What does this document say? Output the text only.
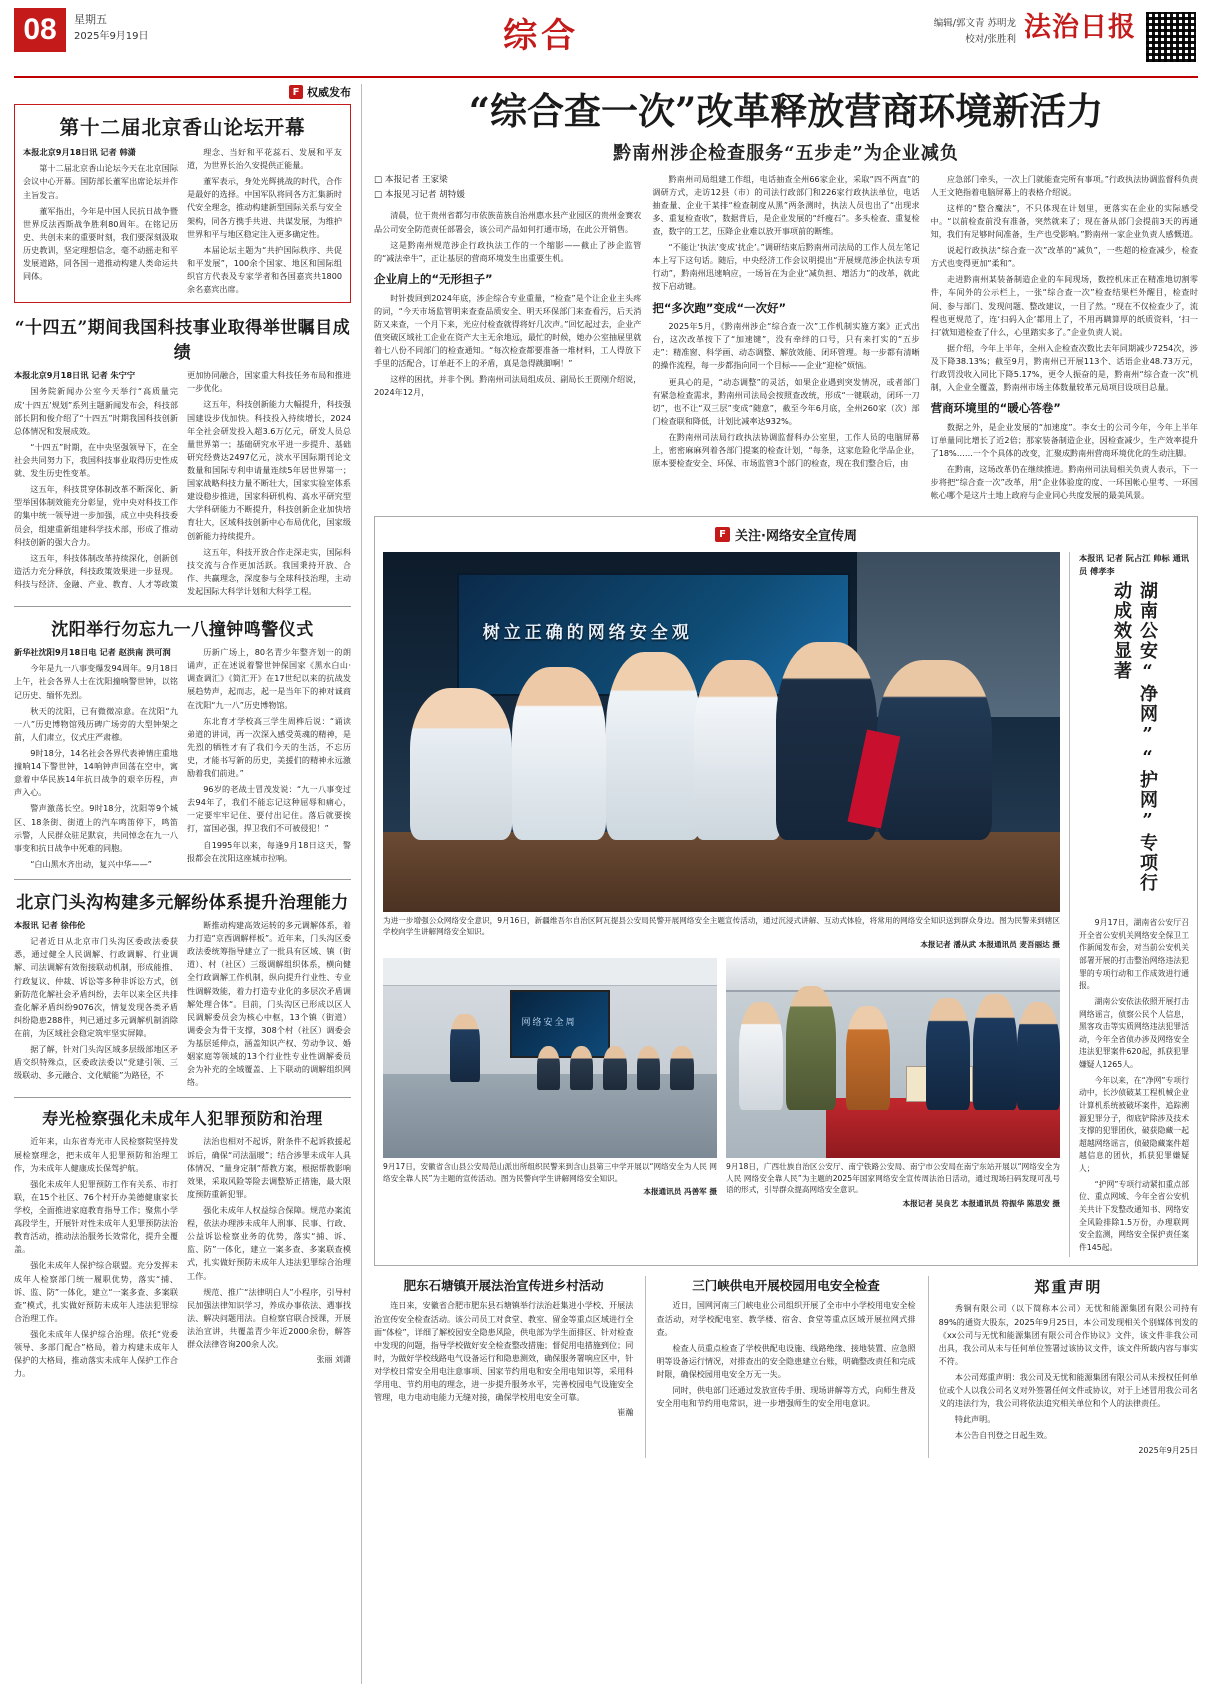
08	星期五
2025年9月19日	综合	编辑/郭文青 苏明龙
校对/张胜利 法治日报
F 权威发布
第十二届北京香山论坛开幕
本报北京9月18日讯 记者 韩潇

第十二届北京香山论坛今天在北京国际会议中心开幕。国防部长董军出席论坛并作主旨发言。

董军指出，今年是中国人民抗日战争暨世界反法西斯战争胜利80周年。在铭记历史、共创未来的重要时刻，我们要深刻汲取历史教训，坚定理想信念，毫不动摇走和平发展道路，同各国一道推动构建人类命运共同体。

理念、当好和平花蕊石、发展和平友道，为世界长治久安提供正能量。

董军表示，身处光辉挑战的时代，合作是最好的选择。中国军队将同各方汇集新时代安全理念，推动构建新型国际关系与安全架构，同各方携手共进、共谋发展，为维护世界和平与地区稳定注入更多确定性。

本届论坛主题为“共护国际秩序、共促和平发展”，100余个国家、地区和国际组织官方代表及专家学者和各国嘉宾共1800余名嘉宾出席。

“十四五”期间我国科技事业取得举世瞩目成绩
本报北京9月18日讯 记者 朱宁宁

国务院新闻办公室今天举行“高质量完成‘十四五’规划”系列主题新闻发布会，科技部部长阴和俊介绍了“十四五”时期我国科技创新总体情况和发展成效。

“十四五”时期，在中央坚强领导下，在全社会共同努力下，我国科技事业取得历史性成就、发生历史性变革。

这五年，科技贯穿体制改革不断深化、新型举国体制效能充分彰显，党中央对科技工作的集中统一领导进一步加强，成立中央科技委员会，组建重新组建科学技术部，形成了推动科技创新的强大合力。

这五年，科技体制改革持续深化，创新创造活力充分释放，科技政策效果进一步显现。科技与经济、金融、产业、教育、人才等政策更加协同融合，国家重大科技任务布局和推进一步优化。

这五年，科技创新能力大幅提升，科技强国建设步伐加快。科技投入持续增长，2024年全社会研发投入超3.6万亿元，研发人员总量世界第一；基础研究水平进一步提升、基础研究经费达2497亿元，淡水平国际期刊论文数量和国际专利申请量连续5年居世界第一；国家战略科技力量不断壮大，国家实验室体系建设稳步推进，国家科研机构、高水平研究型大学科研能力不断提升，科技创新企业加快培育壮大，区域科技创新中心布局优化，国家级创新能力持续提升。

这五年，科技开放合作走深走实，国际科技交流与合作更加活跃。我国秉持开放、合作、共赢理念，深度参与全球科技治理，主动发起国际大科学计划和大科学工程。

沈阳举行勿忘九一八撞钟鸣警仪式
新华社沈阳9月18日电 记者 赵洪南 洪可润

今年是九一八事变爆发94周年。9月18日上午，社会各界人士在沈阳撞响警世钟，以铭记历史、缅怀先烈。

秋天的沈阳，已有微微凉意。在沈阳“九一八”历史博物馆残历碑广场旁的大型钟架之前，人们肃立，仪式庄严肃穆。

9时18分，14名社会各界代表神情庄重地撞响14下警世钟，14响钟声回荡在空中，寓意着中华民族14年抗日战争的艰辛历程，声声入心。

警声激荡长空。9时18分，沈阳等9个城区、18条街、街道上的汽车鸣笛停下，鸣笛示警，人民群众驻足默哀，共同悼念在九一八事变和抗日战争中死难的同胞。

“白山黑水齐出动，复兴中华——”

历新广场上，80名青少年整齐划一的朗诵声，正在述说着警世钟保国家《黑水白山·调查调汇》《简汇开》在17世纪以来的抗战发展趋势声，起而志，起一是当年下的神对诚商在沈阳“九一八”历史博物馆。

东北育才学校高三学生周桦后说：“诵读弟道的讲词，再一次深入感受英魂的精神，是先烈的牺牲才有了我们今天的生活，不忘历史，才能书写新的历史，美援们的精神永远激励着我们前进。”

96岁的老战士冒茂发说：“九一八事变过去94年了，我们不能忘记这种屈辱和痛心，一定要牢牢记住、要付出记住。落后就要挨打，富国必强，捍卫我们不可被侵犯！”

自1995年以来，每逢9月18日这天，警报都会在沈阳这座城市拉响。

北京门头沟构建多元解纷体系提升治理能力
本报讯 记者 徐伟伦

记者近日从北京市门头沟区委政法委获悉，通过健全人民调解、行政调解、行业调解、司法调解有效衔接联动机制，形成能推、行政复议、仲裁、诉讼等多种非诉讼方式，创新防范化解社会矛盾纠纷，去年以来全区共排查化解矛盾纠纷9076次，情复发现各类矛盾纠纷隐患288件，判已通过多元调解机制消除在前，为区域社会稳定筑牢坚实屏障。

据了解，针对门头沟区域多层级部地区矛盾交织特殊点，区委政法委以“党建引领、三级联动、多元融合、文化赋能”为路径，不

断推动构建高效运转的多元调解体系，着力打造“京西调解样板”。近年来，门头沟区委政法委统筹指导建立了一批具有区域、镇（街道）、村（社区）三级调解组织体系，横向健全行政调解工作机制，纵向提升行业性、专业性调解效能，着力打造专业化的多层次矛盾调解处理合体“。目前，门头沟区已形成以区人民调解委员会为核心中枢，13个镇（街道）调委会为骨干支撑，308个村（社区）调委会为基层延伸点，涵盖知识产权、劳动争议、婚姻家庭等领域的13个行业性专业性调解委员会为补充的全域覆盖、上下联动的调解组织网络。

寿光检察强化未成年人犯罪预防和治理

近年来，山东省寿光市人民检察院坚持发展检察理念，把未成年人犯罪预防和治理工作，为未成年人健康成长保驾护航。

强化未成年人犯罪预防工作有关系、市打联，在15个社区、76个村开办美德健康家长学校，全面推进家庭教育指导工作；聚焦小学高段学生，开展针对性未成年人犯罪预防法治教育活动，推动法治服务长效常化，提升全覆盖。

强化未成年人保护综合联盟。充分发挥未成年人检察部门统一履职优势，落实“捕、诉、监、防”一体化，建立“一案多查、多案联查”模式，扎实做好预防未成年人违法犯罪综合治理工作。

强化未成年人保护综合治理。依托“党委领导、多部门配合”格局，着力构建未成年人保护的大格局，推动落实未成年人保护工作合力。

法治也相对不起诉，附条件不起诉救援起诉后，确保“司法温暖”；结合涉罪未成年人具体情况、“量身定制”帮教方案，根据帮教影响效果，采取风险等险去调整矫正措施，最大限度预防重新犯罪。

强化未成年人权益综合保障。规范办案流程，依法办理涉未成年人刑事、民事、行政、公益诉讼检察业务的优势，落实“捕、诉、监、防”一体化，建立一案多查、多案联查模式，扎实做好预防未成年人违法犯罪综合治理工作。

规范、推广“法律明白人”小程序，引导村民加强法律知识学习，养成办事依法、遇事找法、解决问题用法。自检察官联合授课，开展法治宣讲，共覆盖青少年近2000余份，解答群众法律咨询200余人次。

张丽 刘潇
“综合查一次”改革释放营商环境新活力
黔南州涉企检查服务“五步走”为企业减负
□ 本报记者 王家梁
□ 本报见习记者 胡特媛

清晨，位于贵州省都匀市依族苗族自治州惠水县产业园区的贵州金赛农品公司安全防范责任部署会，该公司产品如何打通市场，在此公开销售。

这是黔南州规范涉企行政执法工作的一个缩影——截止了涉企监管的“减法牵牛”，正让基层的营商环境发生出重要生机。

企业肩上的“无形担子”

时针拨回到2024年底，涉企综合专业重量，“检查”是个让企业主头疼的词，“今天市场监管明来查查品质安全、明天环保部门来查看污，后天消防又来查，一个月下来，光应付检查就得将好几次声。”回忆起过去，企业产值突破区域社工企业在资产大主无余地远，最忙的时候，她办公室抽屉里就着七八份不同部门的检查通知。“每次检查都要准备一堆材料，工人得放下手里的活配合，订单赶不上的矛盾，真是急得跳脚啊！”

这样的困扰，并非个例。黔南州司法局组成员、副局长王贾刚介绍说，2024年12月，

黔南州司局组建工作组，电话抽查全州66家企业，采取“四不两直”的调研方式，走访12县（市）的司法行政部门和226家行政执法单位，电话抽查量、企业干某排“检查制度从黑”两条测时，执法人员也出了“出现求多、重复检查收”，数据背后，是企业发展的“纤瘦石”。多头检查、重复检查，数字的工艺，压降企业难以放开事项前的断维。

“不能让‘执法’变成‘扰企’。”调研结束后黔南州司法局的工作人员左笔记本上写下这句话。随后，中央经济工作会议明提出“开展规范涉企执法专项行动”，黔南州迅速响应，一场旨在为企业“减负担、增活力”的改革，就此按下启动键。

把“多次跑”变成“一次好”

2025年5月，《黔南州涉企“综合查一次”工作机制实施方案》正式出台，这次改革按下了“加速键”，没有牵绊的口号，只有来打实的“五步走”：精准窗、科学画、动态调整、解放效能、闭环管理。每一步都有清晰的操作流程，每一步都指向同一个目标——企业“迎检”烦恼。

更具心的是，“动态调整”的灵活，如果企业遇到突发情况，或者部门有紧急检查需求，黔南州司法局会按照查改统，形成“一键联动，闭环一刀切”，也不让“双三层”变成“随意”，截至今年6月底，全州260家（次）部门检查联和降低，计划比减率达932%。

在黔南州司法局行政执法协调监督科办公室里，工作人员的电脑屏幕上，密密麻麻列着各部门提案的检查计划，“每条，这家危险化学品企业，原本要检查安全、环保、市场监管3个部门的检查，现在我们整合后，由

应急部门牵头，一次上门就能查完所有事项。”行政执法协调监督科负责人王文艳指着电脑屏幕上的表格介绍说。

这样的“整合魔法”，不只体现在计划里，更落实在企业的实际感受中。“以前检查前没有准备，突然就来了；现在备从部门会提前3天的再通知，我们有足够时间准备，生产也受影响。”黔南州一家企业负责人感慨道。

说起行政执法“综合查一次”改革的“减负”，一些超的检查减少，检查方式也变得更加“柔和”。

走进黔南州某装备制造企业的车间现场，数控机床正在精准地切割零件，车间外的公示栏上，一张“综合查一次”检查结果栏外醒目，检查时间、参与部门、发现问题、整改建议，一目了然。“现在不仅检查少了，流程也更规范了，连‘扫码入企’都用上了，不用再瞒算厚的纸质资料，‘扫一扫’就知道检查了什么，心里踏实多了。”企业负责人说。

据介绍，今年上半年，全州入企检查次数比去年同期减少7254次，涉及下降38.13%；截至9月，黔南州已开展113个、话语企业48.73万元，行政罚没收入同比下降5.17%，更令人振奋的是，黔南州“综合查一次”机制，入企业全覆盖，黔南州市场主体数量较革元局项目设项目总量。

营商环境里的“暖心答卷”

数据之外，是企业发展的“加速度”。李女士的公司今年，今年上半年订单量同比增长了近2倍；那家装备制造企业，因检查减少，生产效率提升了18%……一个个具体的改变，汇聚成黔南州营商环境优化的生动注脚。

在黔南，这场改革仍在继续推进。黔南州司法局相关负责人表示，下一步将把“综合查一次”改革，用“企业体验度的度、一环国帐心里考、一环国帐心哪个是这片土地上政府与企业同心共度发展的最美风景。

F 关注·网络安全宣传周
树立正确的网络安全观
为进一步增强公众网络安全意识，9月16日，新疆维吾尔自治区阿瓦提县公安局民警开展网络安全主题宣传活动，通过沉浸式讲解、互动式体验，将常用的网络安全知识送到群众身边。图为民警来到辖区学校向学生讲解网络安全知识。
本报记者 潘从武 本报通讯员 麦吾丽达 摄
网络安全周
9月17日，安徽省含山县公安局范山派出所组织民警来到含山县第三中学开展以“网络安全为人民 网络安全靠人民”为主题的宣传活动。图为民警向学生讲解网络安全知识。
本报通讯员 冯善军 摄
9月18日，广西壮族自治区公安厅、南宁铁路公安局、南宁市公安局在南宁东站开展以“网络安全为人民 网络安全靠人民”为主题的2025年国家网络安全宣传周法治日活动，通过现场扫码发现可乱号语的形式，引导群众提高网络安全意识。
本报记者 吴良艺 本报通讯员 符振华 陈思安 摄
本报讯 记者 阮占江 帅标 通讯员 傅孝李
湖南公安“净网”“护网”专项行动成效显著

9月17日，湖南省公安厅召开全省公安机关网络安全保卫工作新闻发布会，对当前公安机关部署开展的打击整治网络违法犯罪的专项行动和工作成效进行通报。

湖南公安依法依照开展打击网络谣言，侦察公民个人信息，黑客攻击等实质网络违法犯罪活动，今年全省侦办涉及网络安全违法犯罪案件620起，抓获犯罪嫌疑人1265人。

今年以来，在“净网”专项行动中，长沙侦破某工程机械企业计算机系统被破坏案件，追踪溯源犯罪分子，彻底铲除涉及技术支撑的犯罪团伙，破获隐藏一起超越网络谣言，侦破隐藏案件超越信息的团伙，抓获犯罪嫌疑人；

“护网”专项行动紧扣重点部位、重点网域、今年全省公安机关共计下发整改通知书、网络安全风险排除1.5万份，办理联网安全监测，网络安全保护责任案件145起。

肥东石塘镇开展法治宣传进乡村活动

连日来，安徽省合肥市肥东县石塘镇举行法治赶集进小学校、开展法治宣传安全检查活动。该公司员工对食堂、教室、留金等重点区域进行全面“体检”，详细了解校园安全隐患风险，供电部为学生面排区、针对检查中发现的问题，指导学校做好安全检查整改措施；督促用电措施到位；同时，为做好学校线路电气设备运行和隐患测效，确保服务署响应区中，针对学校日常安全用电注意事项、国家节约用电和安全用电知识等，采用科学用电、节约用电的理念，进一步提升服务水平，完善校园电气设施安全管理，电力电动电能力无缝对接，确保学校用电安全可靠。

崔瀚
三门峡供电开展校园用电安全检查

近日，国网河南三门峡电业公司组织开展了全市中小学校用电安全检查活动，对学校配电室、教学楼、宿舍、食堂等重点区域开展拉网式排查。

检查人员重点检查了学校供配电设施、线路绝缘、接地装置、应急照明等设备运行情况，对排查出的安全隐患建立台账，明确整改责任和完成时限，确保校园用电安全万无一失。

同时，供电部门还通过发放宣传手册、现场讲解等方式，向师生普及安全用电和节约用电常识，进一步增强师生的安全用电意识。

郑重声明

秀铜有限公司（以下简称本公司）无忧和能源集团有限公司持有89%的通资大股东，2025年9月25日，本公司发现相关个别媒体刊发的《xx公司与无忧和能源集团有限公司合作协议》文件，该文件非我公司出具，我公司从未与任何单位签署过该协议文件，该文件所载内容与事实不符。

本公司郑重声明：我公司及无忧和能源集团有限公司从未授权任何单位或个人以我公司名义对外签署任何文件或协议，对于上述冒用我公司名义的违法行为，我公司将依法追究相关单位和个人的法律责任。

特此声明。

本公告自刊登之日起生效。

2025年9月25日
